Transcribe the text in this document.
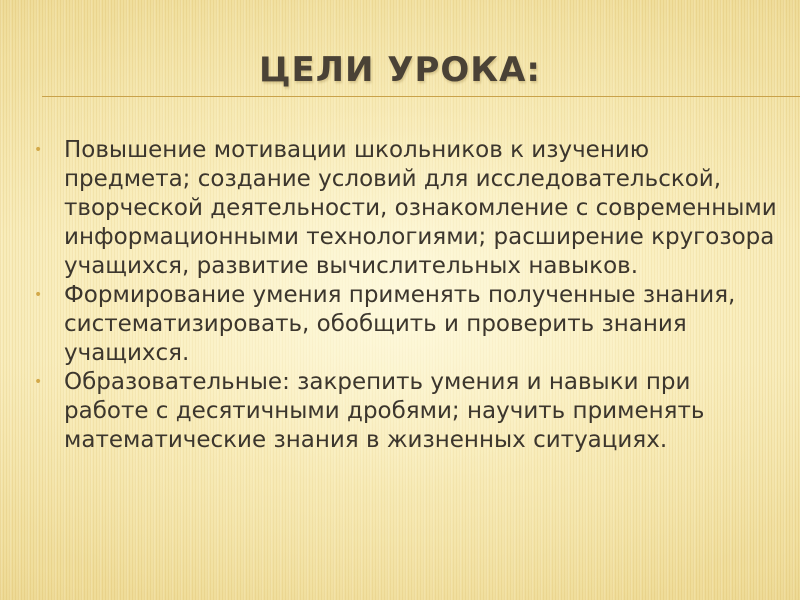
ЦЕЛИ УРОКА:
• Повышение мотивации школьников к изучению предмета; создание условий для исследовательской, творческой деятельности, ознакомление с современными информационными технологиями; расширение кругозора учащихся, развитие вычислительных навыков.
• Формирование умения применять полученные знания, систематизировать, обобщить и проверить знания учащихся.
• Образовательные: закрепить умения и навыки при работе с десятичными дробями; научить применять математические знания в жизненных ситуациях.
